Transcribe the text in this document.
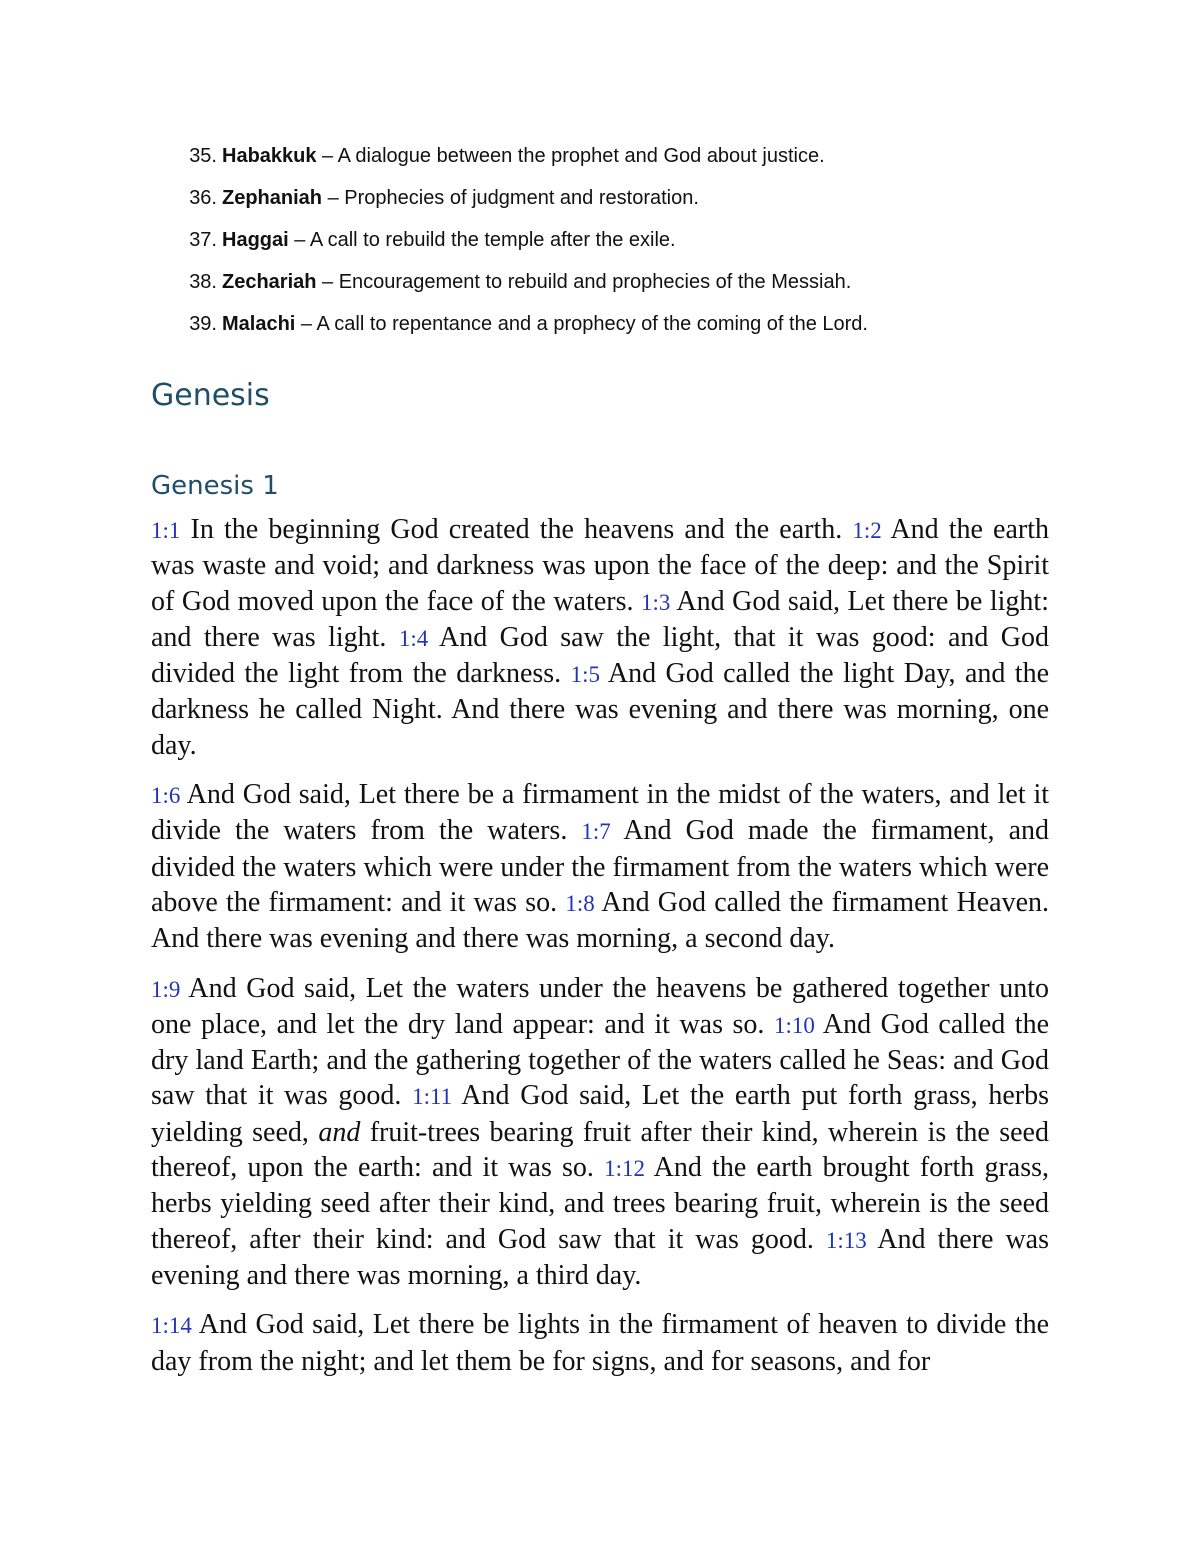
35. Habakkuk – A dialogue between the prophet and God about justice.
36. Zephaniah – Prophecies of judgment and restoration.
37. Haggai – A call to rebuild the temple after the exile.
38. Zechariah – Encouragement to rebuild and prophecies of the Messiah.
39. Malachi – A call to repentance and a prophecy of the coming of the Lord.
Genesis
Genesis 1

1:1 In the beginning God created the heavens and the earth. 1:2 And the earth was waste and void; and darkness was upon the face of the deep: and the Spirit of God moved upon the face of the waters. 1:3 And God said, Let there be light: and there was light. 1:4 And God saw the light, that it was good: and God divided the light from the darkness. 1:5 And God called the light Day, and the darkness he called Night. And there was evening and there was morning, one day.

1:6 And God said, Let there be a firmament in the midst of the waters, and let it divide the waters from the waters. 1:7 And God made the firmament, and divided the waters which were under the firmament from the waters which were above the firmament: and it was so. 1:8 And God called the firmament Heaven. And there was evening and there was morning, a second day.

1:9 And God said, Let the waters under the heavens be gathered together unto one place, and let the dry land appear: and it was so. 1:10 And God called the dry land Earth; and the gathering together of the waters called he Seas: and God saw that it was good. 1:11 And God said, Let the earth put forth grass, herbs yielding seed, and fruit-trees bearing fruit after their kind, wherein is the seed thereof, upon the earth: and it was so. 1:12 And the earth brought forth grass, herbs yielding seed after their kind, and trees bearing fruit, wherein is the seed thereof, after their kind: and God saw that it was good. 1:13 And there was evening and there was morning, a third day.

1:14 And God said, Let there be lights in the firmament of heaven to divide the day from the night; and let them be for signs, and for seasons, and for
